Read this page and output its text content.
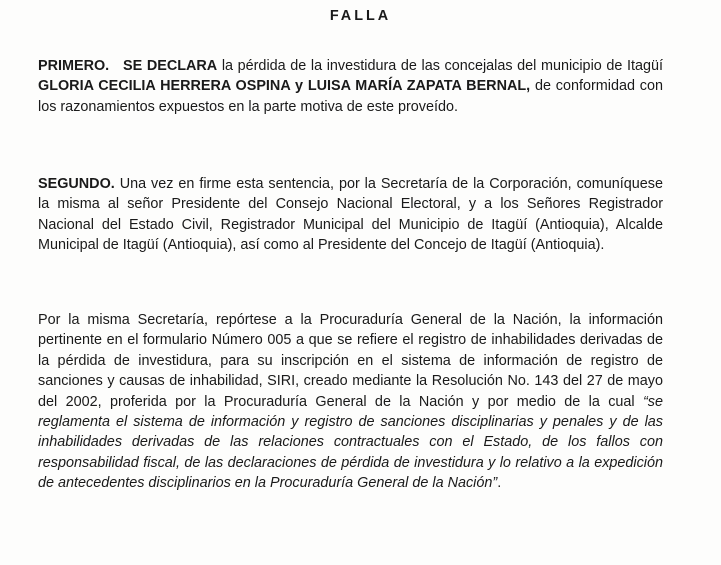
FALLA

PRIMERO. SE DECLARA la pérdida de la investidura de las concejalas del municipio de Itagüí GLORIA CECILIA HERRERA OSPINA y LUISA MARÍA ZAPATA BERNAL, de conformidad con los razonamientos expuestos en la parte motiva de este proveído.

SEGUNDO. Una vez en firme esta sentencia, por la Secretaría de la Corporación, comuníquese la misma al señor Presidente del Consejo Nacional Electoral, y a los Señores Registrador Nacional del Estado Civil, Registrador Municipal del Municipio de Itagüí (Antioquia), Alcalde Municipal de Itagüí (Antioquia), así como al Presidente del Concejo de Itagüí (Antioquia).

Por la misma Secretaría, repórtese a la Procuraduría General de la Nación, la información pertinente en el formulario Número 005 a que se refiere el registro de inhabilidades derivadas de la pérdida de investidura, para su inscripción en el sistema de información de registro de sanciones y causas de inhabilidad, SIRI, creado mediante la Resolución No. 143 del 27 de mayo del 2002, proferida por la Procuraduría General de la Nación y por medio de la cual “se reglamenta el sistema de información y registro de sanciones disciplinarias y penales y de las inhabilidades derivadas de las relaciones contractuales con el Estado, de los fallos con responsabilidad fiscal, de las declaraciones de pérdida de investidura y lo relativo a la expedición de antecedentes disciplinarios en la Procuraduría General de la Nación”.
